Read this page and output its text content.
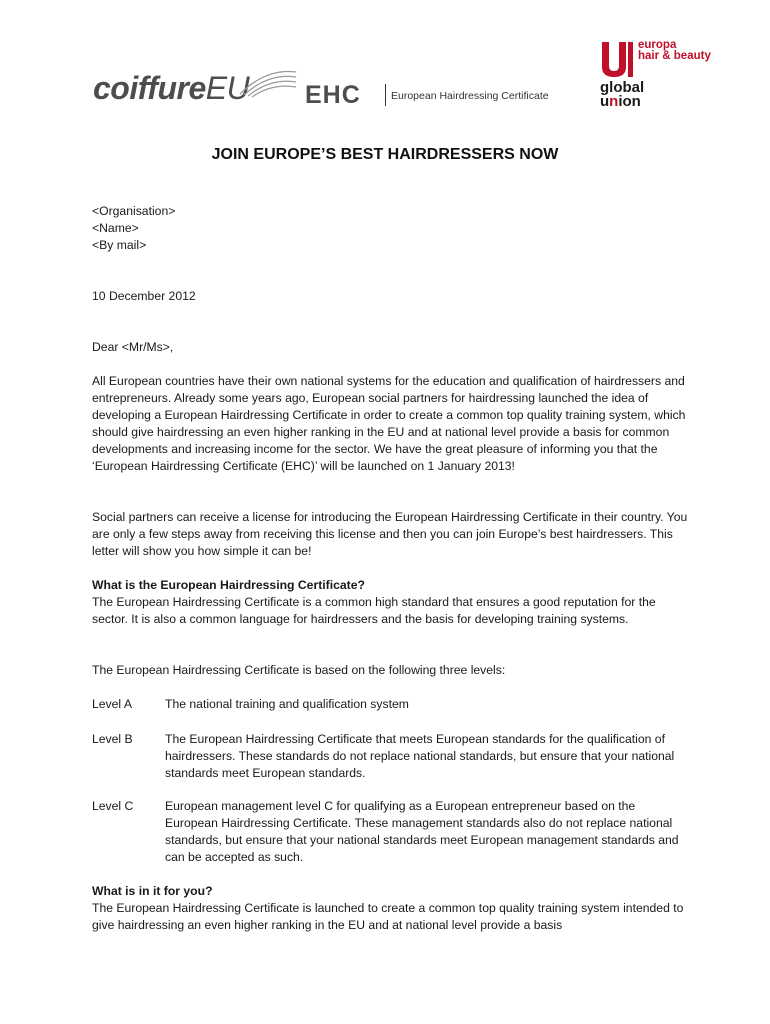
coiffureEU EHC	European Hairdressing Certificate
europa
hair & beauty
global
union
JOIN EUROPE’S BEST HAIRDRESSERS NOW
<Organisation>
<Name>
<By mail>
10 December 2012
Dear <Mr/Ms>,
All European countries have their own national systems for the education and qualification of hairdressers and entrepreneurs. Already some years ago, European social partners for hairdressing launched the idea of developing a European Hairdressing Certificate in order to create a common top quality training system, which should give hairdressing an even higher ranking in the EU and at national level provide a basis for common developments and increasing income for the sector. We have the great pleasure of informing you that the ‘European Hairdressing Certificate (EHC)’ will be launched on 1 January 2013!
Social partners can receive a license for introducing the European Hairdressing Certificate in their country. You are only a few steps away from receiving this license and then you can join Europe’s best hairdressers. This letter will show you how simple it can be!
What is the European Hairdressing Certificate?
The European Hairdressing Certificate is a common high standard that ensures a good reputation for the sector. It is also a common language for hairdressers and the basis for developing training systems.
The European Hairdressing Certificate is based on the following three levels:
Level A	The national training and qualification system
Level B	The European Hairdressing Certificate that meets European standards for the qualification of hairdressers. These standards do not replace national standards, but ensure that your national standards meet European standards.
Level C	European management level C for qualifying as a European entrepreneur based on the European Hairdressing Certificate. These management standards also do not replace national standards, but ensure that your national standards meet European management standards and can be accepted as such.
What is in it for you?
The European Hairdressing Certificate is launched to create a common top quality training system intended to give hairdressing an even higher ranking in the EU and at national level provide a basis
